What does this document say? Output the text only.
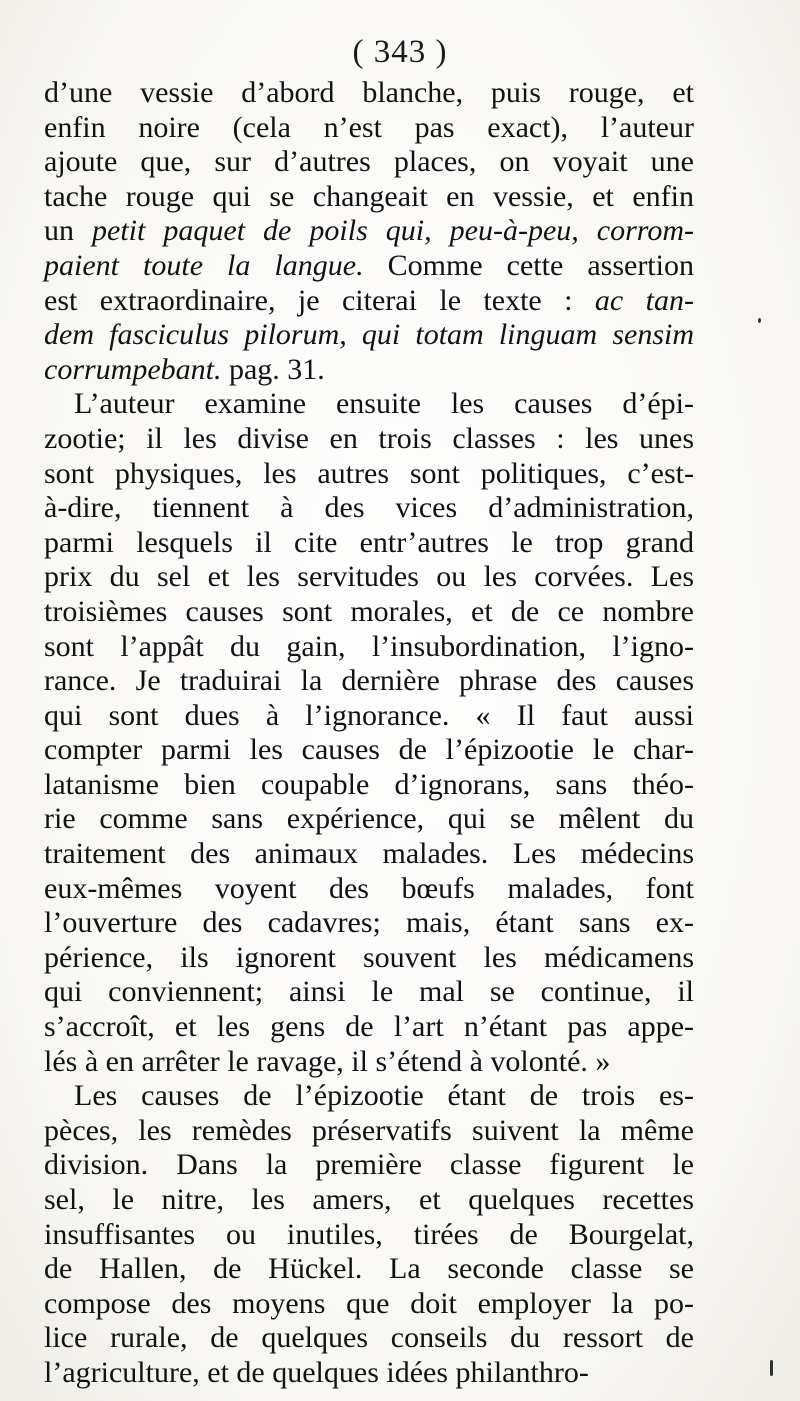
( 343 )
d’une vessie d’abord blanche, puis rouge, et
enfin noire (cela n’est pas exact), l’auteur
ajoute que, sur d’autres places, on voyait une
tache rouge qui se changeait en vessie, et enfin
un petit paquet de poils qui, peu-à-peu, corrom-
paient toute la langue. Comme cette assertion
est extraordinaire, je citerai le texte : ac tan-
dem fasciculus pilorum, qui totam linguam sensim
corrumpebant. pag. 31.
L’auteur examine ensuite les causes d’épi-
zootie; il les divise en trois classes : les unes
sont physiques, les autres sont politiques, c’est-
à-dire, tiennent à des vices d’administration,
parmi lesquels il cite entr’autres le trop grand
prix du sel et les servitudes ou les corvées. Les
troisièmes causes sont morales, et de ce nombre
sont l’appât du gain, l’insubordination, l’igno-
rance. Je traduirai la dernière phrase des causes
qui sont dues à l’ignorance. « Il faut aussi
compter parmi les causes de l’épizootie le char-
latanisme bien coupable d’ignorans, sans théo-
rie comme sans expérience, qui se mêlent du
traitement des animaux malades. Les médecins
eux-mêmes voyent des bœufs malades, font
l’ouverture des cadavres; mais, étant sans ex-
périence, ils ignorent souvent les médicamens
qui conviennent; ainsi le mal se continue, il
s’accroît, et les gens de l’art n’étant pas appe-
lés à en arrêter le ravage, il s’étend à volonté. »
Les causes de l’épizootie étant de trois es-
pèces, les remèdes préservatifs suivent la même
division. Dans la première classe figurent le
sel, le nitre, les amers, et quelques recettes
insuffisantes ou inutiles, tirées de Bourgelat,
de Hallen, de Hückel. La seconde classe se
compose des moyens que doit employer la po-
lice rurale, de quelques conseils du ressort de
l’agriculture, et de quelques idées philanthro-
